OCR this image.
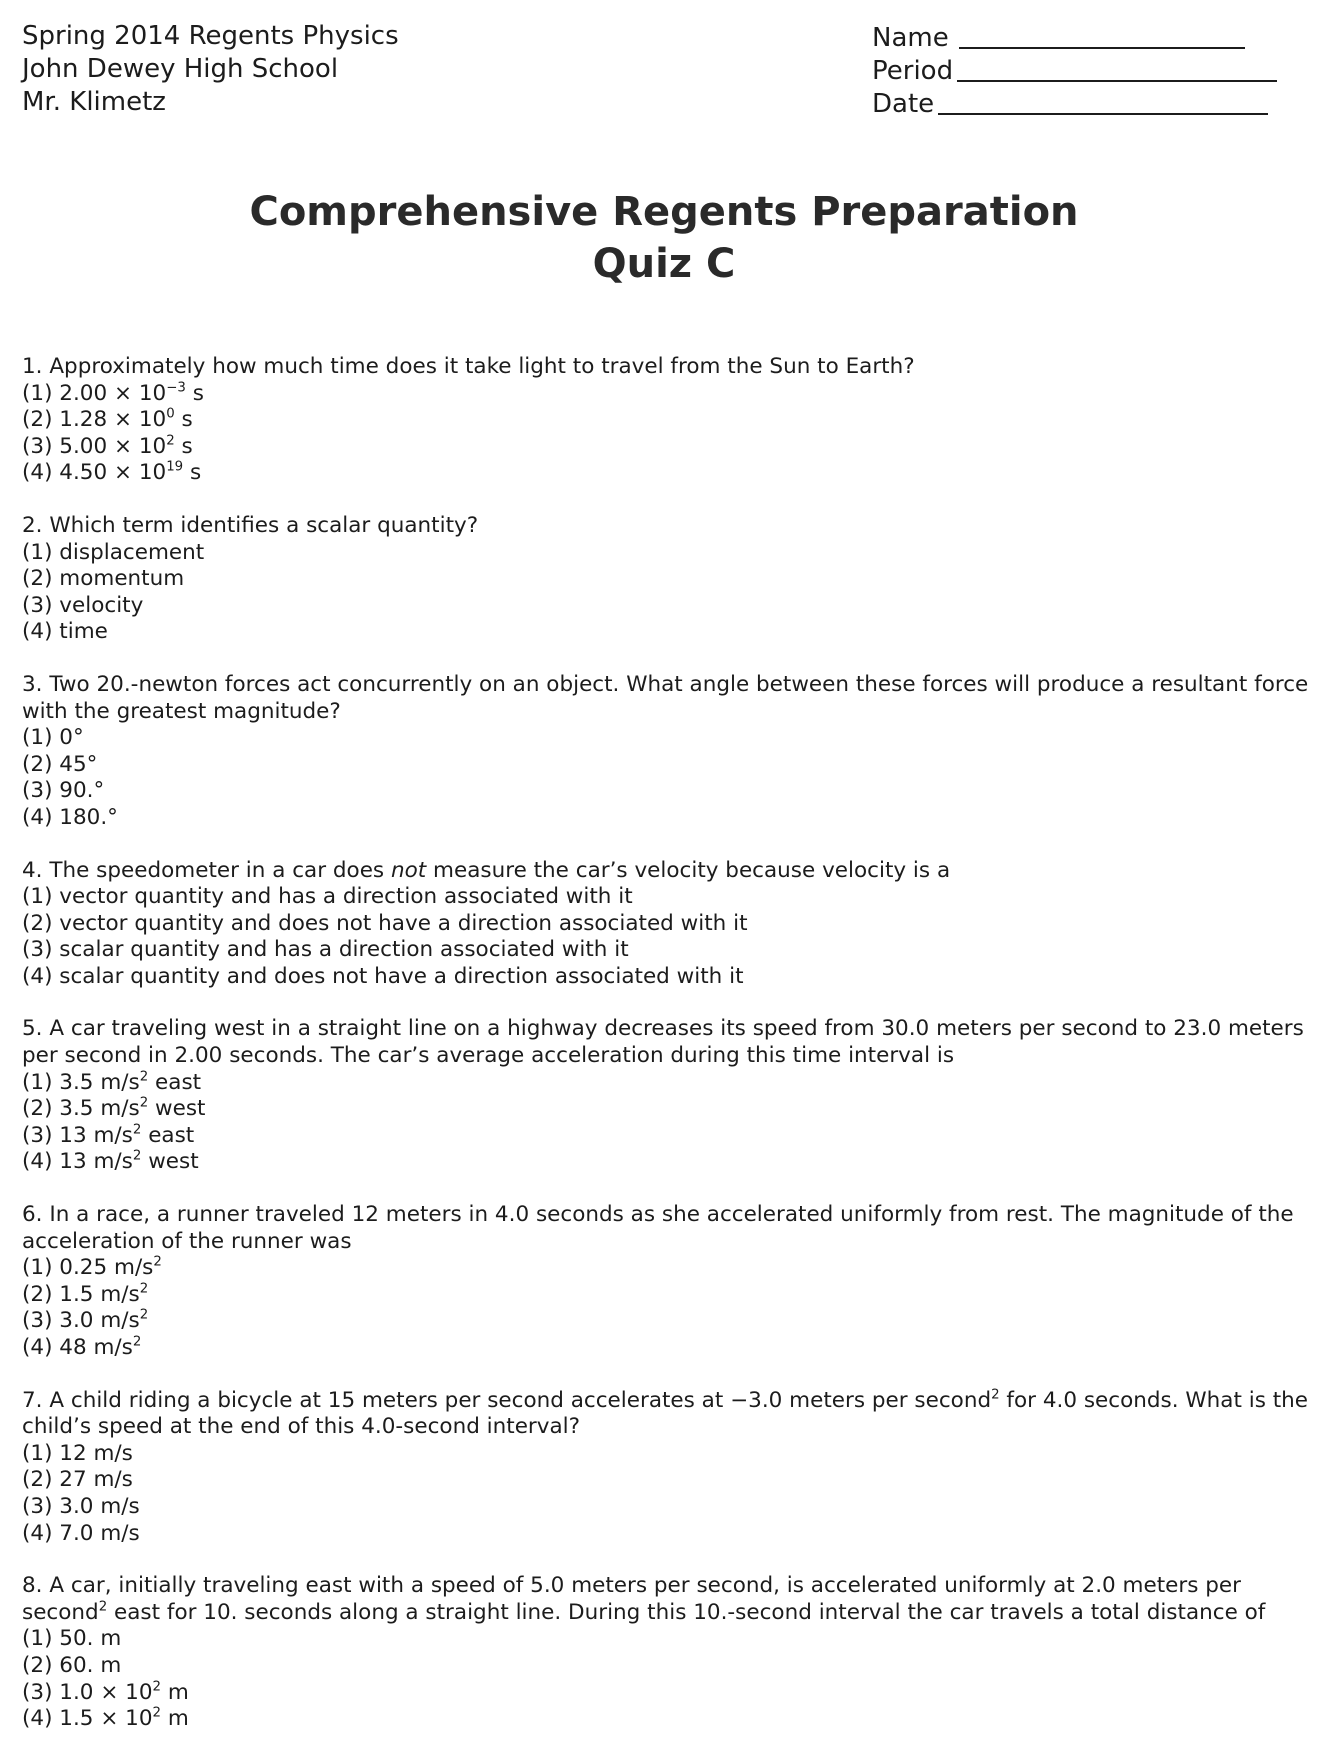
Spring 2014 Regents Physics
John Dewey High School
Mr. Klimetz
Name
Period
Date
Comprehensive Regents Preparation
Quiz C
1. Approximately how much time does it take light to travel from the Sun to Earth?
(1) $2.00 \times 10^{-3}$ s
(2) $1.28 \times 10^0$ s
(3) $5.00 \times 10^2$ s
(4) $4.50 \times 10^{19}$ s
2. Which term identifies a scalar quantity?
(1) displacement
(2) momentum
(3) velocity
(4) time
3. Two 20.-newton forces act concurrently on an object. What angle between these forces will produce a resultant force with the greatest magnitude?
(1) 0°
(2) 45°
(3) 90.°
(4) 180.°
4. The speedometer in a car does not measure the car’s velocity because velocity is a
(1) vector quantity and has a direction associated with it
(2) vector quantity and does not have a direction associated with it
(3) scalar quantity and has a direction associated with it
(4) scalar quantity and does not have a direction associated with it
5. A car traveling west in a straight line on a highway decreases its speed from 30.0 meters per second to 23.0 meters per second in 2.00 seconds. The car’s average acceleration during this time interval is
(1) 3.5 $m/s^2$ east
(2) 3.5 $m/s^2$ west
(3) 13 $m/s^2$ east
(4) 13 $m/s^2$ west
6. In a race, a runner traveled 12 meters in 4.0 seconds as she accelerated uniformly from rest. The magnitude of the acceleration of the runner was
(1) 0.25 $m/s^2$
(2) 1.5 $m/s^2$
(3) 3.0 $m/s^2$
(4) 48 $m/s^2$
7. A child riding a bicycle at 15 meters per second accelerates at −3.0 meters per second$^2$ for 4.0 seconds. What is the child’s speed at the end of this 4.0-second interval?
(1) 12 m/s
(2) 27 m/s
(3) 3.0 m/s
(4) 7.0 m/s
8. A car, initially traveling east with a speed of 5.0 meters per second, is accelerated uniformly at 2.0 meters per second$^2$ east for 10. seconds along a straight line. During this 10.-second interval the car travels a total distance of
(1) 50. m
(2) 60. m
(3) $1.0 \times 10^2$ m
(4) $1.5 \times 10^2$ m
